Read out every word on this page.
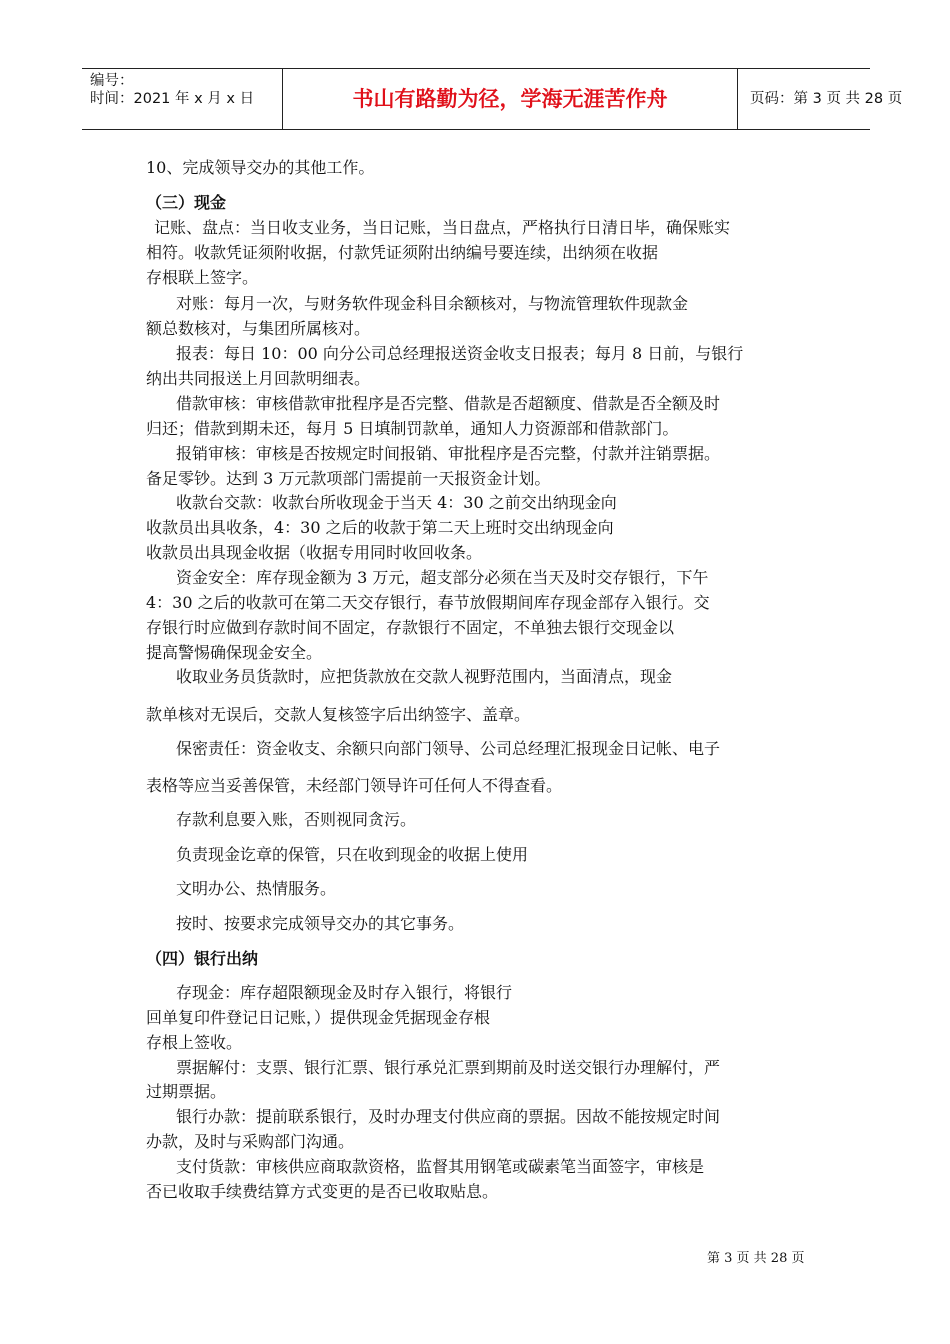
编号：
时间：2021 年 x 月 x 日	书山有路勤为径，学海无涯苦作舟	页码：第 3 页 共 28 页
10、完成领导交办的其他工作。
（三）现金
记账、盘点：当日收支业务，当日记账，当日盘点，严格执行日清日毕，确保账实
相符。收款凭证须附收据，付款凭证须附出纳编号要连续，出纳须在收据
存根联上签字。
对账：每月一次，与财务软件现金科目余额核对，与物流管理软件现款金
额总数核对，与集团所属核对。
报表：每日 10：00 向分公司总经理报送资金收支日报表；每月 8 日前，与银行
纳出共同报送上月回款明细表。
借款审核：审核借款审批程序是否完整、借款是否超额度、借款是否全额及时
归还；借款到期未还，每月 5 日填制罚款单，通知人力资源部和借款部门。
报销审核：审核是否按规定时间报销、审批程序是否完整，付款并注销票据。
备足零钞。达到 3 万元款项部门需提前一天报资金计划。
收款台交款：收款台所收现金于当天 4：30 之前交出纳现金向
收款员出具收条，4：30 之后的收款于第二天上班时交出纳现金向
收款员出具现金收据（收据专用同时收回收条。
资金安全：库存现金额为 3 万元，超支部分必须在当天及时交存银行，下午
4：30 之后的收款可在第二天交存银行，春节放假期间库存现金部存入银行。交
存银行时应做到存款时间不固定，存款银行不固定，不单独去银行交现金以
提高警惕确保现金安全。
收取业务员货款时，应把货款放在交款人视野范围内，当面清点，现金
款单核对无误后，交款人复核签字后出纳签字、盖章。
保密责任：资金收支、余额只向部门领导、公司总经理汇报现金日记帐、电子
表格等应当妥善保管，未经部门领导许可任何人不得查看。
存款利息要入账，否则视同贪污。
负责现金讫章的保管，只在收到现金的收据上使用
文明办公、热情服务。
按时、按要求完成领导交办的其它事务。
（四）银行出纳
存现金：库存超限额现金及时存入银行，将银行
回单复印件登记日记账，）提供现金凭据现金存根
存根上签收。
票据解付：支票、银行汇票、银行承兑汇票到期前及时送交银行办理解付，严
过期票据。
银行办款：提前联系银行，及时办理支付供应商的票据。因故不能按规定时间
办款，及时与采购部门沟通。
支付货款：审核供应商取款资格，监督其用钢笔或碳素笔当面签字，审核是
否已收取手续费结算方式变更的是否已收取贴息。
第 3 页 共 28 页
